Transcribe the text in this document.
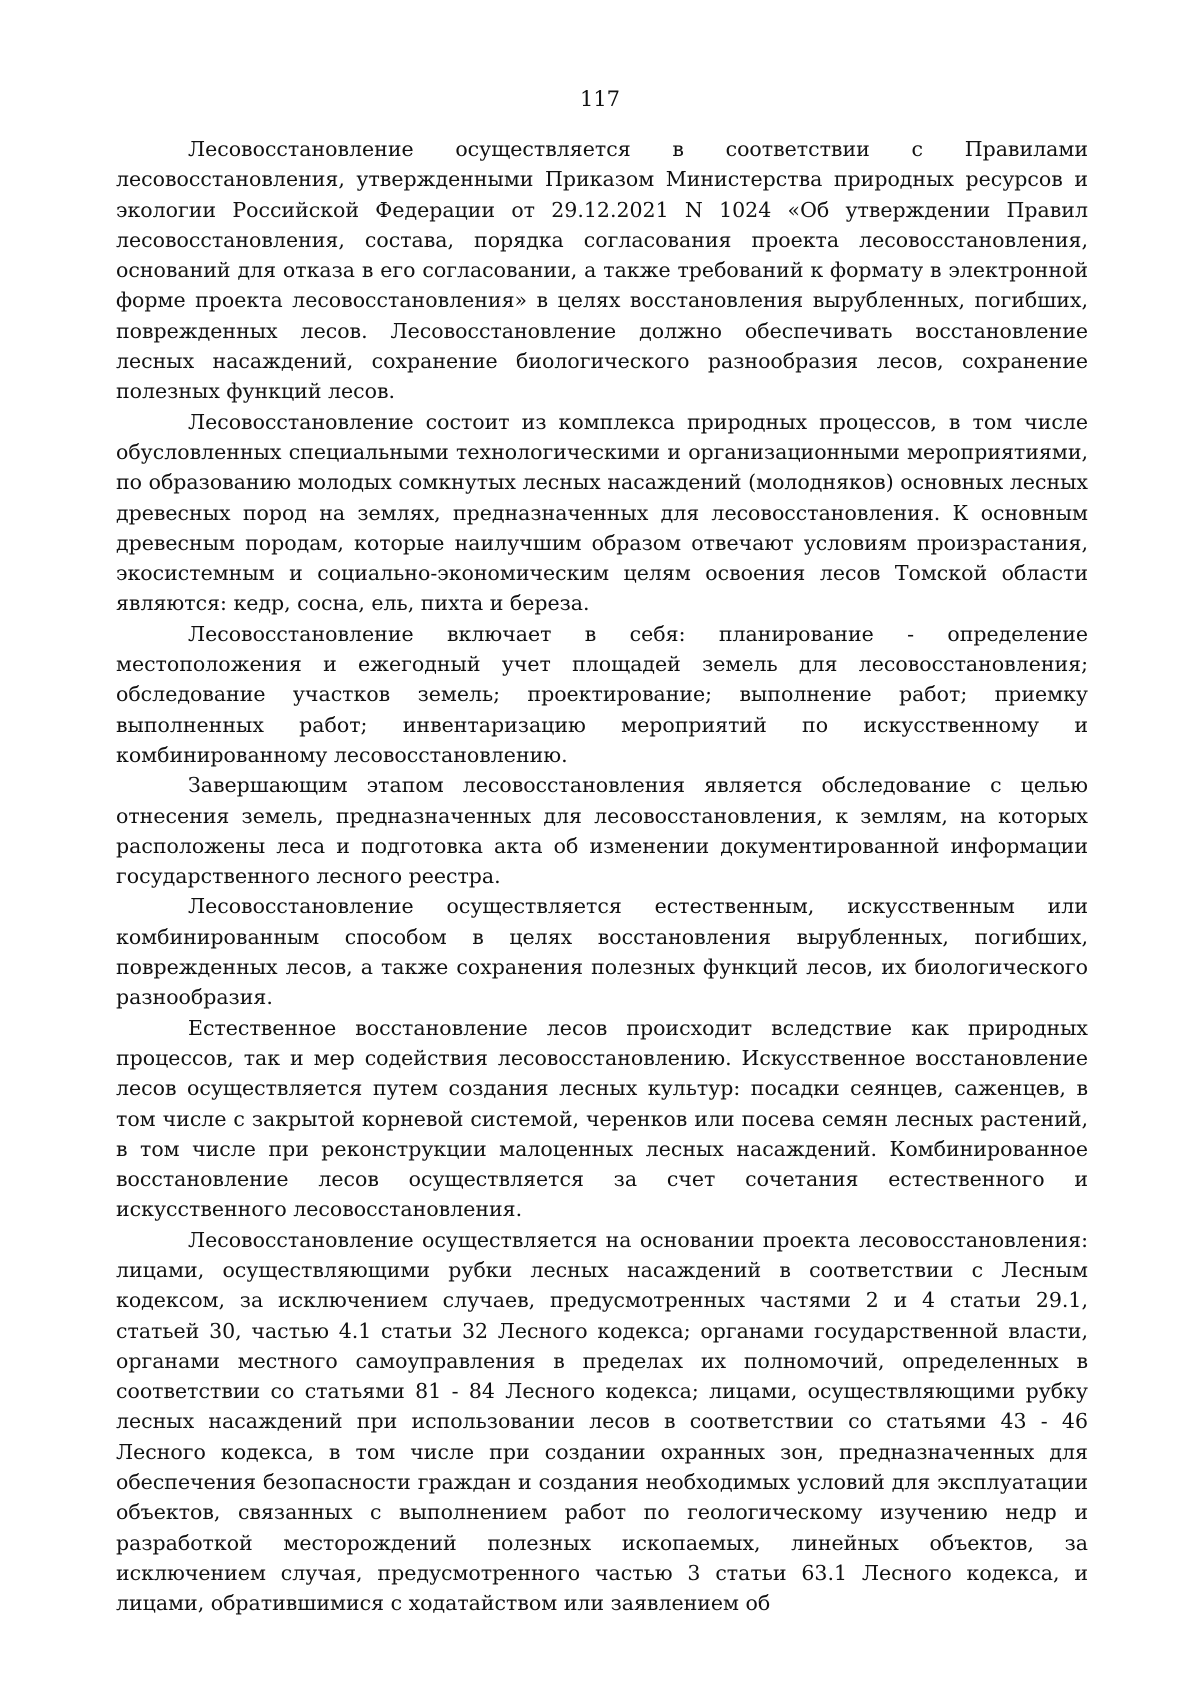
117

Лесовосстановление осуществляется в соответствии с Правилами лесовосстановления, утвержденными Приказом Министерства природных ресурсов и экологии Российской Федерации от 29.12.2021 N 1024 «Об утверждении Правил лесовосстановления, состава, порядка согласования проекта лесовосстановления, оснований для отказа в его согласовании, а также требований к формату в электронной форме проекта лесовосстановления» в целях восстановления вырубленных, погибших, поврежденных лесов. Лесовосстановление должно обеспечивать восстановление лесных насаждений, сохранение биологического разнообразия лесов, сохранение полезных функций лесов.

Лесовосстановление состоит из комплекса природных процессов, в том числе обусловленных специальными технологическими и организационными мероприятиями, по образованию молодых сомкнутых лесных насаждений (молодняков) основных лесных древесных пород на землях, предназначенных для лесовосстановления. К основным древесным породам, которые наилучшим образом отвечают условиям произрастания, экосистемным и социально-экономическим целям освоения лесов Томской области являются: кедр, сосна, ель, пихта и береза.

Лесовосстановление включает в себя: планирование - определение местоположения и ежегодный учет площадей земель для лесовосстановления; обследование участков земель; проектирование; выполнение работ; приемку выполненных работ; инвентаризацию мероприятий по искусственному и комбинированному лесовосстановлению.

Завершающим этапом лесовосстановления является обследование с целью отнесения земель, предназначенных для лесовосстановления, к землям, на которых расположены леса и подготовка акта об изменении документированной информации государственного лесного реестра.

Лесовосстановление осуществляется естественным, искусственным или комбинированным способом в целях восстановления вырубленных, погибших, поврежденных лесов, а также сохранения полезных функций лесов, их биологического разнообразия.

Естественное восстановление лесов происходит вследствие как природных процессов, так и мер содействия лесовосстановлению. Искусственное восстановление лесов осуществляется путем создания лесных культур: посадки сеянцев, саженцев, в том числе с закрытой корневой системой, черенков или посева семян лесных растений, в том числе при реконструкции малоценных лесных насаждений. Комбинированное восстановление лесов осуществляется за счет сочетания естественного и искусственного лесовосстановления.

Лесовосстановление осуществляется на основании проекта лесовосстановления: лицами, осуществляющими рубки лесных насаждений в соответствии с Лесным кодексом, за исключением случаев, предусмотренных частями 2 и 4 статьи 29.1, статьей 30, частью 4.1 статьи 32 Лесного кодекса; органами государственной власти, органами местного самоуправления в пределах их полномочий, определенных в соответствии со статьями 81 - 84 Лесного кодекса; лицами, осуществляющими рубку лесных насаждений при использовании лесов в соответствии со статьями 43 - 46 Лесного кодекса, в том числе при создании охранных зон, предназначенных для обеспечения безопасности граждан и создания необходимых условий для эксплуатации объектов, связанных с выполнением работ по геологическому изучению недр и разработкой месторождений полезных ископаемых, линейных объектов, за исключением случая, предусмотренного частью 3 статьи 63.1 Лесного кодекса, и лицами, обратившимися с ходатайством или заявлением об
